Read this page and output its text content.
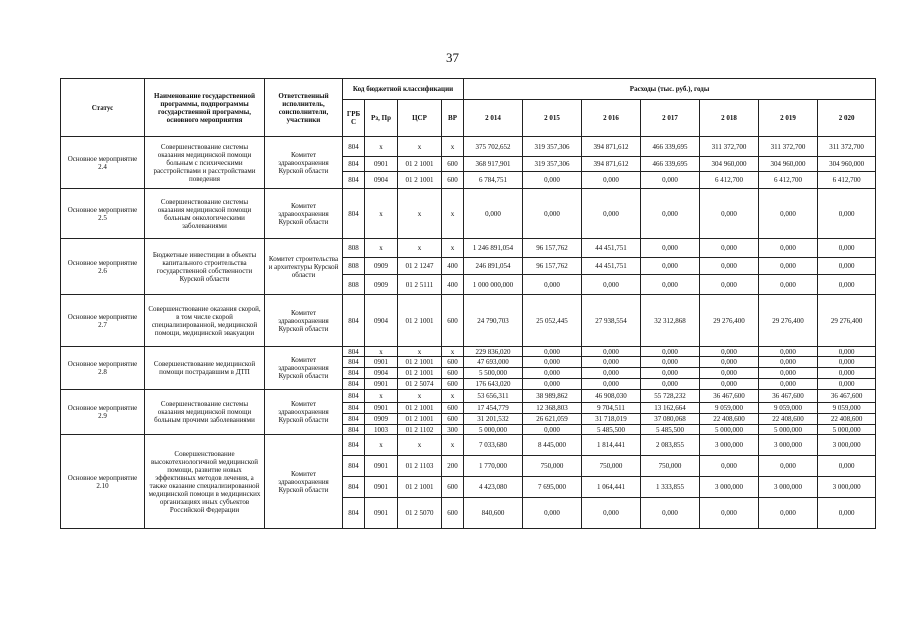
37
Статус	Наименование государственной программы, подпрограммы государственной программы, основного мероприятия	Ответственный исполнитель, соисполнители, участники	Код бюджетной классификации				Расходы (тыс. руб.), годы						
			ГРБ С	Рз, Пр	ЦСР	ВР	2 014	2 015	2 016	2 017	2 018	2 019	2 020
Основное мероприятие 2.4	Совершенствование системы оказания медицинской помощи больным с психическими расстройствами и расстройствами поведения	Комитет здравоохранения Курской области	804	х	х	х	375 702,652	319 357,306	394 871,612	466 339,695	311 372,700	311 372,700	311 372,700
			804	0901	01 2 1001	600	368 917,901	319 357,306	394 871,612	466 339,695	304 960,000	304 960,000	304 960,000
			804	0904	01 2 1001	600	6 784,751	0,000	0,000	0,000	6 412,700	6 412,700	6 412,700
Основное мероприятие 2.5	Совершенствование системы оказания медицинской помощи больным онкологическими заболеваниями	Комитет здравоохранения Курской области	804	х	х	х	0,000	0,000	0,000	0,000	0,000	0,000	0,000
Основное мероприятие 2.6	Бюджетные инвестиции в объекты капитального строительства государственной собственности Курской области	Комитет строительства и архитектуры Курской области	808	х	х	х	1 246 891,054	96 157,762	44 451,751	0,000	0,000	0,000	0,000
			808	0909	01 2 1247	400	246 891,054	96 157,762	44 451,751	0,000	0,000	0,000	0,000
			808	0909	01 2 5111	400	1 000 000,000	0,000	0,000	0,000	0,000	0,000	0,000
Основное мероприятие 2.7	Совершенствование оказания скорой, в том числе скорой специализированной, медицинской помощи, медицинской эвакуации	Комитет здравоохранения Курской области	804	0904	01 2 1001	600	24 790,703	25 052,445	27 938,554	32 312,868	29 276,400	29 276,400	29 276,400
Основное мероприятие 2.8	Совершенствование медицинской помощи пострадавшим в ДТП	Комитет здравоохранения Курской области	804	х	х	х	229 836,020	0,000	0,000	0,000	0,000	0,000	0,000
			804	0901	01 2 1001	600	47 693,000	0,000	0,000	0,000	0,000	0,000	0,000
			804	0904	01 2 1001	600	5 500,000	0,000	0,000	0,000	0,000	0,000	0,000
			804	0901	01 2 5074	600	176 643,020	0,000	0,000	0,000	0,000	0,000	0,000
Основное мероприятие 2.9	Совершенствование системы оказания медицинской помощи больным прочими заболеваниями	Комитет здравоохранения Курской области	804	х	х	х	53 656,311	38 989,862	46 908,030	55 728,232	36 467,600	36 467,600	36 467,600
			804	0901	01 2 1001	600	17 454,779	12 368,803	9 704,511	13 162,664	9 059,000	9 059,000	9 059,000
			804	0909	01 2 1001	600	31 201,532	26 621,059	31 718,019	37 080,068	22 408,600	22 408,600	22 408,600
			804	1003	01 2 1102	300	5 000,000	0,000	5 485,500	5 485,500	5 000,000	5 000,000	5 000,000
Основное мероприятие 2.10	Совершенствование высокотехнологичной медицинской помощи, развитие новых эффективных методов лечения, а также оказание специализированной медицинской помощи в медицинских организациях иных субъектов Российской Федерации	Комитет здравоохранения Курской области	804	х	х	х	7 033,680	8 445,000	1 814,441	2 083,855	3 000,000	3 000,000	3 000,000
			804	0901	01 2 1103	200	1 770,000	750,000	750,000	750,000	0,000	0,000	0,000
			804	0901	01 2 1001	600	4 423,080	7 695,000	1 064,441	1 333,855	3 000,000	3 000,000	3 000,000
			804	0901	01 2 5070	600	840,600	0,000	0,000	0,000	0,000	0,000	0,000
